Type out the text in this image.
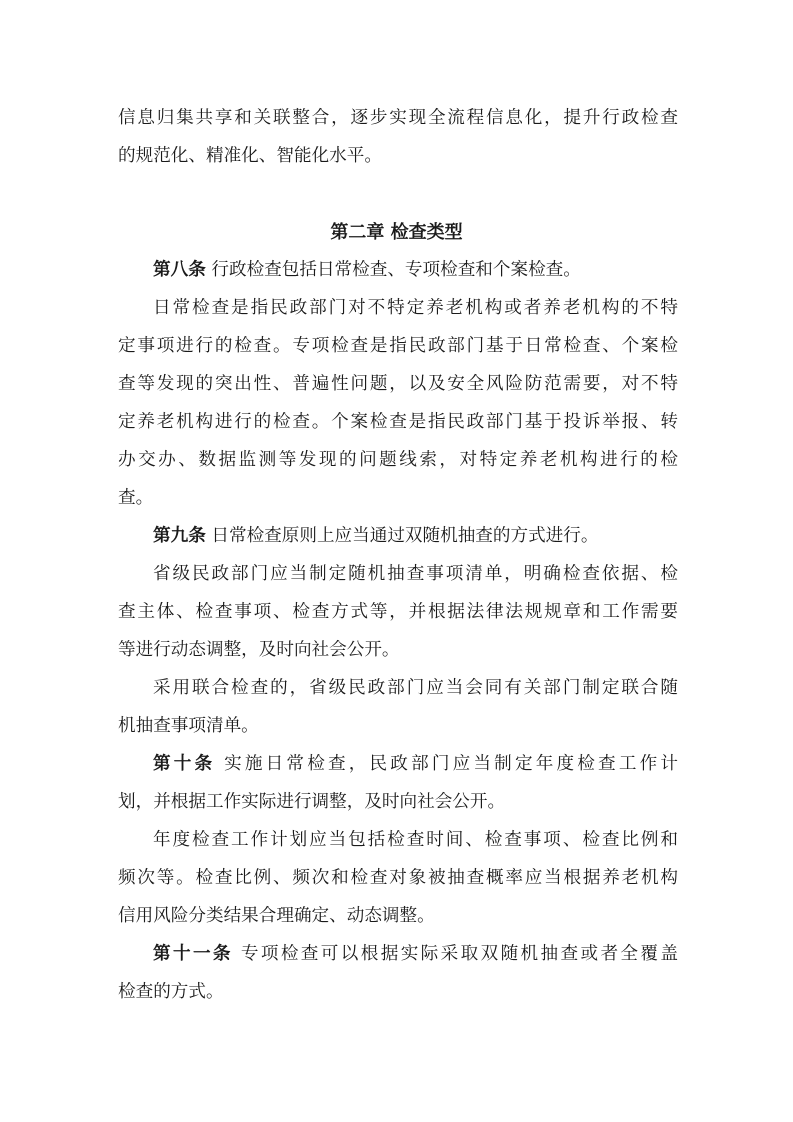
信息归集共享和关联整合，逐步实现全流程信息化，提升行政检查
的规范化、精准化、智能化水平。
第二章 检查类型
第八条 行政检查包括日常检查、专项检查和个案检查。
日常检查是指民政部门对不特定养老机构或者养老机构的不特
定事项进行的检查。专项检查是指民政部门基于日常检查、个案检
查等发现的突出性、普遍性问题，以及安全风险防范需要，对不特
定养老机构进行的检查。个案检查是指民政部门基于投诉举报、转
办交办、数据监测等发现的问题线索，对特定养老机构进行的检
查。
第九条 日常检查原则上应当通过双随机抽查的方式进行。
省级民政部门应当制定随机抽查事项清单，明确检查依据、检
查主体、检查事项、检查方式等，并根据法律法规规章和工作需要
等进行动态调整，及时向社会公开。
采用联合检查的，省级民政部门应当会同有关部门制定联合随
机抽查事项清单。
第十条 实施日常检查，民政部门应当制定年度检查工作计
划，并根据工作实际进行调整，及时向社会公开。
年度检查工作计划应当包括检查时间、检查事项、检查比例和
频次等。检查比例、频次和检查对象被抽查概率应当根据养老机构
信用风险分类结果合理确定、动态调整。
第十一条 专项检查可以根据实际采取双随机抽查或者全覆盖
检查的方式。
